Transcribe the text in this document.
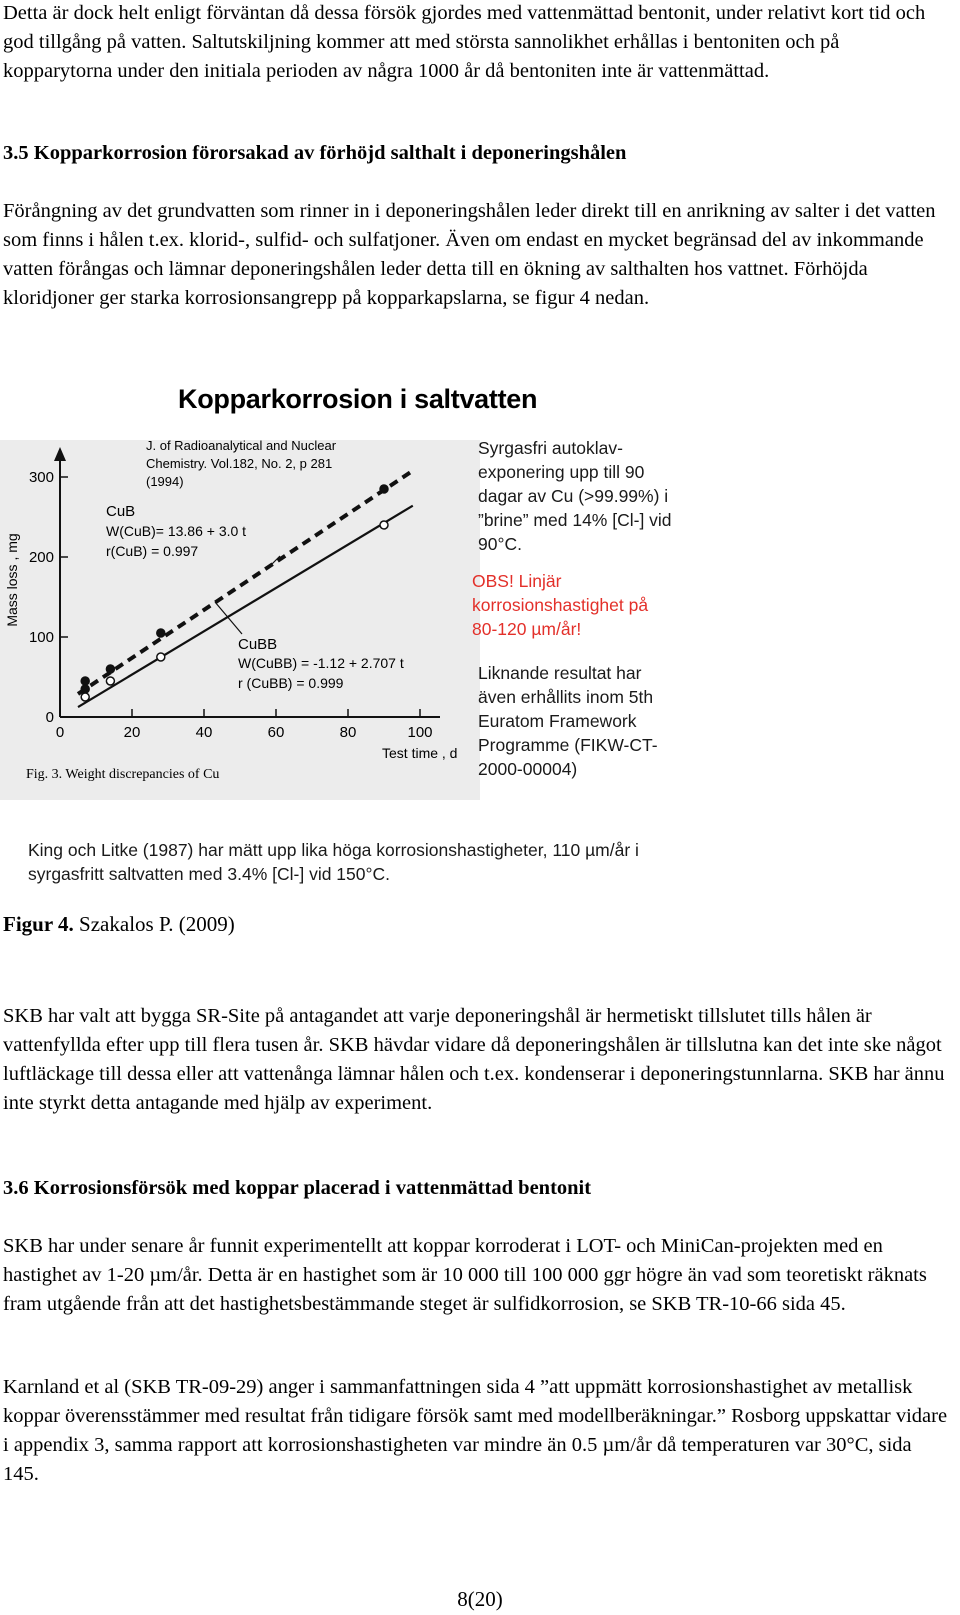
Detta är dock helt enligt förväntan då dessa försök gjordes med vattenmättad bentonit, under relativt kort tid och god tillgång på vatten. Saltutskiljning kommer att med största sannolikhet erhållas i bentoniten och på kopparytorna under den initiala perioden av några 1000 år då bentoniten inte är vattenmättad.

3.5 Kopparkorrosion förorsakad av förhöjd salthalt i deponeringshålen

Förångning av det grundvatten som rinner in i deponeringshålen leder direkt till en anrikning av salter i det vatten som finns i hålen t.ex. klorid-, sulfid- och sulfatjoner. Även om endast en mycket begränsad del av inkommande vatten förångas och lämnar deponeringshålen leder detta till en ökning av salthalten hos vattnet. Förhöjda kloridjoner ger starka korrosionsangrepp på kopparkapslarna, se figur 4 nedan.

Kopparkorrosion i saltvatten
0	20	40	60	80	100
0
100
200
300
Mass loss , mg
Test time , d
J. of Radioanalytical and Nuclear
Chemistry. Vol.182, No. 2, p 281
(1994)
CuB
W(CuB)= 13.86 + 3.0 t
r(CuB) = 0.997
CuBB
W(CuBB) = -1.12 + 2.707 t
r (CuBB) = 0.999
Fig. 3. Weight discrepancies of Cu
Syrgasfri autoklav-
exponering upp till 90
dagar av Cu (>99.99%) i
”brine” med 14% [Cl-] vid
90°C.
OBS! Linjär
korrosionshastighet på
80-120 µm/år!
Liknande resultat har
även erhållits inom 5th
Euratom Framework
Programme (FIKW-CT-
2000-00004)
King och Litke (1987) har mätt upp lika höga korrosionshastigheter, 110 µm/år i
syrgasfritt saltvatten med 3.4% [Cl-] vid 150°C.

Figur 4. Szakalos P. (2009)

SKB har valt att bygga SR-Site på antagandet att varje deponeringshål är hermetiskt tillslutet tills hålen är vattenfyllda efter upp till flera tusen år. SKB hävdar vidare då deponeringshålen är tillslutna kan det inte ske något luftläckage till dessa eller att vattenånga lämnar hålen och t.ex. kondenserar i deponeringstunnlarna. SKB har ännu inte styrkt detta antagande med hjälp av experiment.

3.6 Korrosionsförsök med koppar placerad i vattenmättad bentonit

SKB har under senare år funnit experimentellt att koppar korroderat i LOT- och MiniCan-projekten med en hastighet av 1-20 µm/år. Detta är en hastighet som är 10 000 till 100 000 ggr högre än vad som teoretiskt räknats fram utgående från att det hastighetsbestämmande steget är sulfidkorrosion, se SKB TR-10-66 sida 45.

Karnland et al (SKB TR-09-29) anger i sammanfattningen sida 4 ”att uppmätt korrosionshastighet av metallisk koppar överensstämmer med resultat från tidigare försök samt med modellberäkningar.” Rosborg uppskattar vidare i appendix 3, samma rapport att korrosionshastigheten var mindre än 0.5 µm/år då temperaturen var 30°C, sida 145.

8(20)
